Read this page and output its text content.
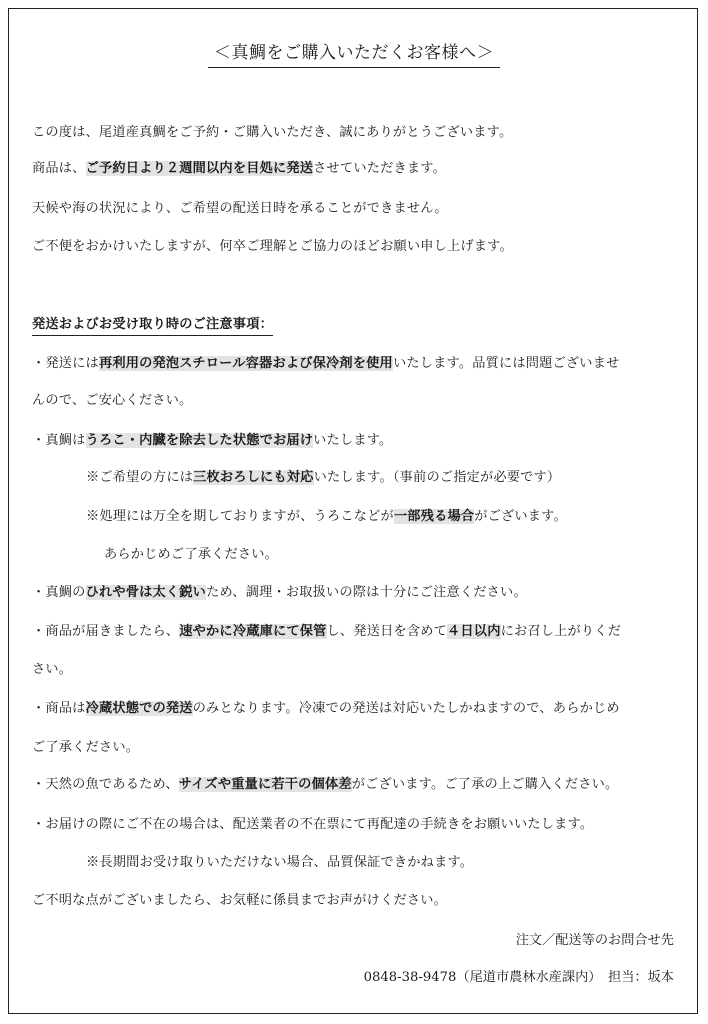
＜真鯛をご購入いただくお客様へ＞
この度は、尾道産真鯛をご予約・ご購入いただき、誠にありがとうございます。
商品は、ご予約日より２週間以内を目処に発送させていただきます。
天候や海の状況により、ご希望の配送日時を承ることができません。
ご不便をおかけいたしますが、何卒ご理解とご協力のほどお願い申し上げます。
発送およびお受け取り時のご注意事項：
・発送には再利用の発泡スチロール容器および保冷剤を使用いたします。品質には問題ございませ
んので、ご安心ください。
・真鯛はうろこ・内臓を除去した状態でお届けいたします。
※ご希望の方には三枚おろしにも対応いたします。（事前のご指定が必要です）
※処理には万全を期しておりますが、うろこなどが一部残る場合がございます。
あらかじめご了承ください。
・真鯛のひれや骨は太く鋭いため、調理・お取扱いの際は十分にご注意ください。
・商品が届きましたら、速やかに冷蔵庫にて保管し、発送日を含めて４日以内にお召し上がりくだ
さい。
・商品は冷蔵状態での発送のみとなります。冷凍での発送は対応いたしかねますので、あらかじめ
ご了承ください。
・天然の魚であるため、サイズや重量に若干の個体差がございます。ご了承の上ご購入ください。
・お届けの際にご不在の場合は、配送業者の不在票にて再配達の手続きをお願いいたします。
※長期間お受け取りいただけない場合、品質保証できかねます。
ご不明な点がございましたら、お気軽に係員までお声がけください。
注文／配送等のお問合せ先
0848-38-9478（尾道市農林水産課内）　担当：坂本
